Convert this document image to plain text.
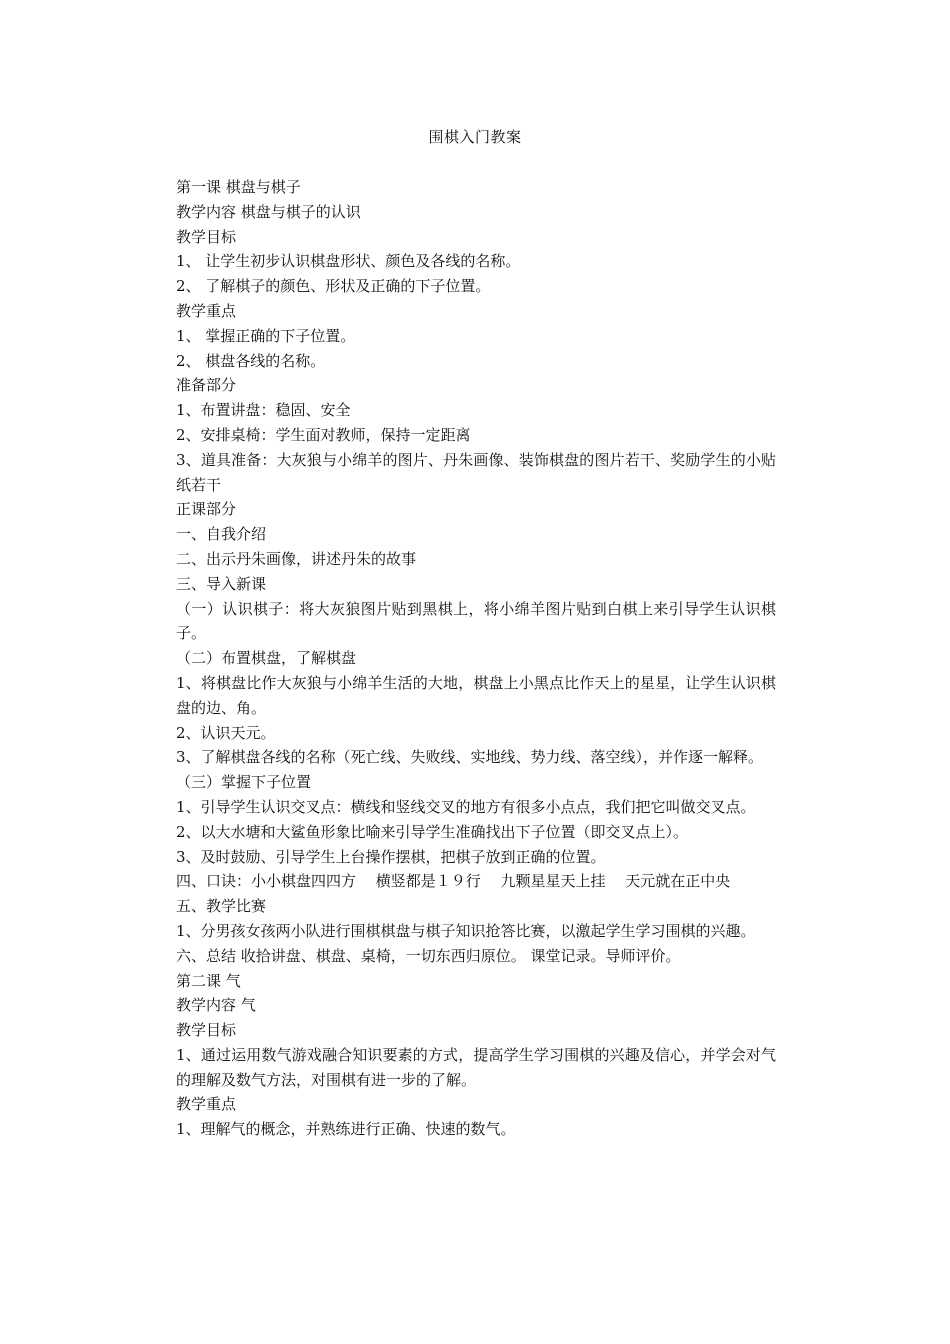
围棋入门教案

第一课 棋盘与棋子

教学内容 棋盘与棋子的认识

教学目标

1、 让学生初步认识棋盘形状、颜色及各线的名称。

2、 了解棋子的颜色、形状及正确的下子位置。

教学重点

1、 掌握正确的下子位置。

2、 棋盘各线的名称。

准备部分

1、布置讲盘：稳固、安全

2、安排桌椅：学生面对教师，保持一定距离

3、道具准备：大灰狼与小绵羊的图片、丹朱画像、装饰棋盘的图片若干、奖励学生的小贴纸若干

正课部分

一、自我介绍

二、出示丹朱画像，讲述丹朱的故事

三、导入新课

（一）认识棋子：将大灰狼图片贴到黑棋上，将小绵羊图片贴到白棋上来引导学生认识棋子。

（二）布置棋盘，了解棋盘

1、将棋盘比作大灰狼与小绵羊生活的大地，棋盘上小黑点比作天上的星星，让学生认识棋盘的边、角。

2、认识天元。

3、了解棋盘各线的名称（死亡线、失败线、实地线、势力线、落空线），并作逐一解释。

（三）掌握下子位置

1、引导学生认识交叉点：横线和竖线交叉的地方有很多小点点，我们把它叫做交叉点。

2、以大水塘和大鲨鱼形象比喻来引导学生准确找出下子位置（即交叉点上）。

3、及时鼓励、引导学生上台操作摆棋，把棋子放到正确的位置。

四、口诀：小小棋盘四四方　 横竖都是１９行　 九颗星星天上挂　 天元就在正中央

五、教学比赛

1、分男孩女孩两小队进行围棋棋盘与棋子知识抢答比赛，以激起学生学习围棋的兴趣。

六、总结 收拾讲盘、棋盘、桌椅，一切东西归原位。 课堂记录。导师评价。

第二课 气

教学内容 气

教学目标

1、通过运用数气游戏融合知识要素的方式，提高学生学习围棋的兴趣及信心，并学会对气的理解及数气方法，对围棋有进一步的了解。

教学重点

1、理解气的概念，并熟练进行正确、快速的数气。
